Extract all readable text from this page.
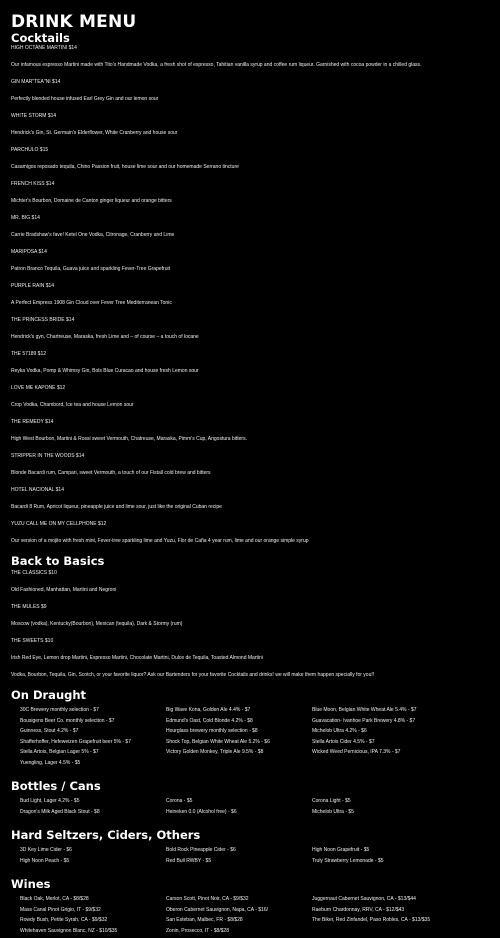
DRINK MENU
Cocktails

HIGH OCTANE MARTINI $14

Our infamous espresso Martini made with Tito's Handmade Vodka, a fresh shot of espresso, Tahitian vanilla syrup and coffee rum liqueur. Garnished with cocoa powder in a chilled glass.

GIN MAR"TEA"NI $14

Perfectly blended house infused Earl Grey Gin and our lemon sour

WHITE STORM $14

Hendrick's Gin, St. Germain's Elderflower, White Cranberry and house sour

PARCHULO $15

Casamigos reposado tequila, Chino Passion fruit, house lime sour and our homemade Serrano tincture

FRENCH KISS $14

Michter's Bourbon, Domaine de Canton ginger liqueur and orange bitters

MR. BIG $14

Carrie Bradshaw's fave! Ketel One Vodka, Citronage, Cranberry and Lime

MARIPOSA $14

Patron Branco Tequila, Guava juice and sparkling Fever-Tree Grapefruit

PURPLE RAIN $14

A Perfect Empress 1908 Gin Cloud over Fever Tree Mediterranean Tonic

THE PRINCESS BRIDE $14

Hendrick's gyn, Chartreuse, Maraska, fresh Lime and – of course – a touch of locane

THE 57189 $12

Reyka Vodka, Pomp & Whimsy Gin, Bols Blue Curacao and house fresh Lemon sour

LOVE ME KAPONE $12

Crop Vodka, Chambord, Ice tea and house Lemon sour

THE REMEDY $14

High West Bourbon, Martini & Rossi sweet Vermouth, Chatreuse, Maraska, Pimm's Cup, Angostura bitters.

STRIPPER IN THE WOODS $14

Blonde Bacardi rum, Campari, sweet Vermouth, a touch of our Fistall cold brew and bitters

HOTEL NACIONAL $14

Bacardi 8 Rum, Apricot liqueur, pineapple juice and lime sour, just like the original Cuban recipe

YUZU CALL ME ON MY CELLPHONE $12

Our version of a mojito with fresh mint, Fever-tree sparkling lime and Yuzu, Flor de Caña 4 year rum, lime and our orange simple syrup

Back to Basics

THE CLASSICS $10

Old Fashioned, Manhattan, Martini and Negroni

THE MULES $9

Moscow (vodka), Kentucky(Bourbon), Mexican (tequila), Dark & Stormy (rum)

THE SWEETS $10

Irish Red Eye, Lemon drop Martini, Espresso Martini, Chocolate Martini, Dulce de Tequila, Toasted Almond Martini

Vodka, Bourbon, Tequila, Gin, Scotch, or your favorite liquor? Ask our Bartenders for your favorite Cocktails and drinks! we will make them happen specially for you!!

On Draught
30C Brewery monthly selection - $7	Big Wave Kona, Golden Ale 4.4% - $7	Blue Moon, Belgian White Wheat Ale 5.4% - $7
Bousigens Beer Co. monthly selection - $7	Edmund's Oast, Cold Blonde 4.2% - $8	Guavacation- Ivanhoe Park Brewery 4.8% - $7
Guinness, Stout 4.2% - $7	Hourglass brewery monthly selection - $8	Michelob Ultra 4.2% - $6
Shafferhoffer, Hefeweizen Grapefruit beer 5% - $7	Shock Top, Belgian White Wheat Ale 5.2% - $6	Stella Artois Cider 4.5% - $7
Stella Artois, Belgian Lager 5% - $7	Victory Golden Monkey, Triple Ale 9.5% - $8	Wicked Weed Pernicious, IPA 7.3% - $7
Yuengling, Lager 4.5% - $5
Bottles / Cans
Bud Light, Lager 4.2% - $5	Corona - $5	Corona Light - $5
Dragon's Milk Aged Black Stout - $8	Heineken 0.0 (Alcohol free) - $6	Michelob Ultra - $5
Hard Seltzers, Ciders, Others
3D Key Lime Cider - $6	Bold Rock Pineapple Cider - $6	High Noon Grapefruit - $5
High Noon Peach - $5	Red Bull RWBY - $5	Truly Strawberry Lemonade - $5
Wines
Black Oak, Merlot, CA - $8/$28	Carson Scott, Pinot Noir, CA - $9/$32	Juggernaut Cabernet Sauvignon, CA - $13/$44
Mass Canal Pinot Grigio, IT - $9/$32	Oberon Cabernet Sauvignon, Napa, CA - $16/	Raeburn Chardonnay, RRV, CA - $12/$43
Rowdy Bush, Petite Syrah, CA - $9/$32	San Esteban, Malbec, FR - $8/$28	The Biker, Red Zinfandel, Paso Robles, CA - $13/$35
Whitehaven Sauvignon Blanc, NZ - $10/$35	Zonin, Prosecco, IT - $8/$28
